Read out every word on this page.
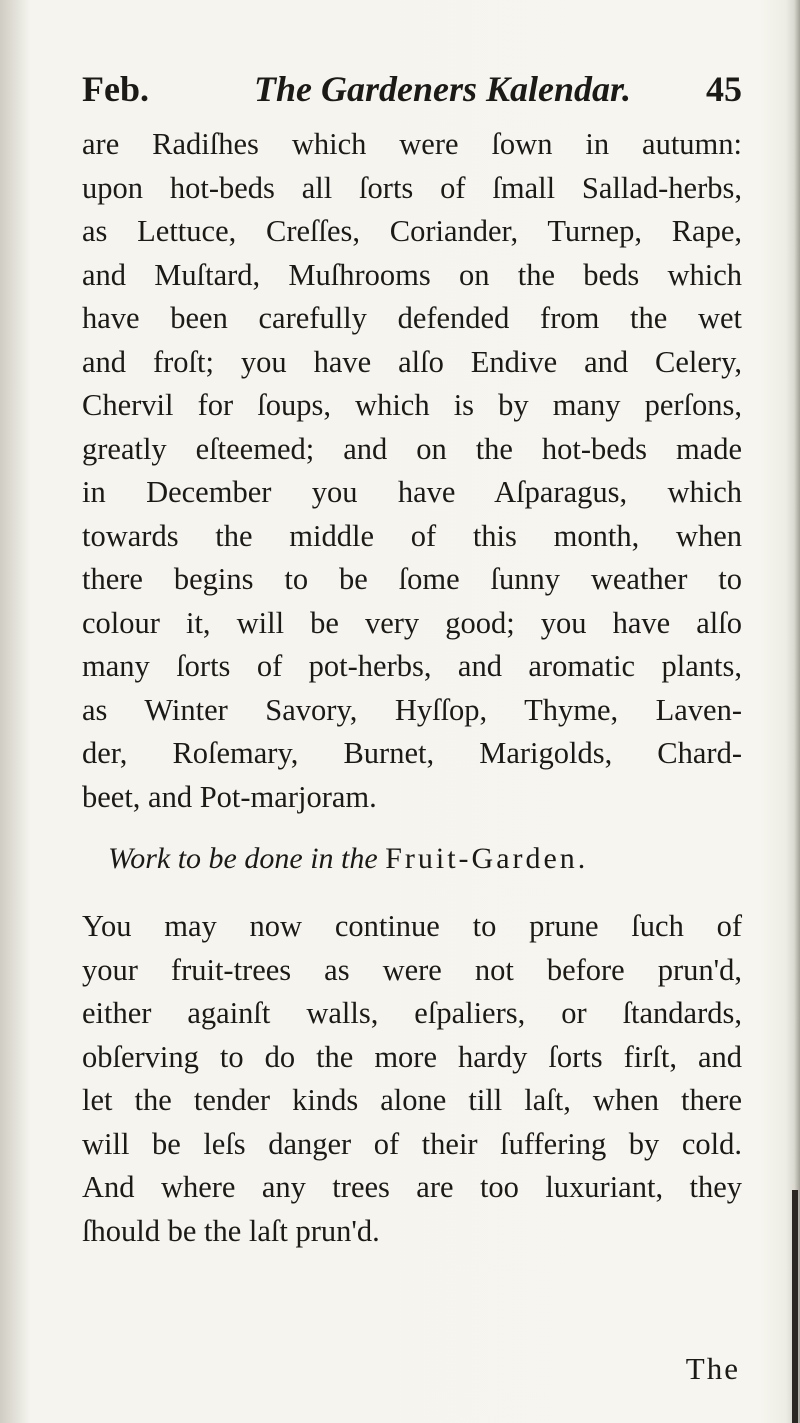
Feb.	The Gardeners Kalendar. 45
are Radiſhes which were ſown in autumn:
upon hot-beds all ſorts of ſmall Sallad-herbs,
as Lettuce, Creſſes, Coriander, Turnep, Rape,
and Muſtard, Muſhrooms on the beds which
have been carefully defended from the wet
and froſt; you have alſo Endive and Celery,
Chervil for ſoups, which is by many perſons,
greatly eſteemed; and on the hot-beds made
in December you have Aſparagus, which
towards the middle of this month, when
there begins to be ſome ſunny weather to
colour it, will be very good; you have alſo
many ſorts of pot-herbs, and aromatic plants,
as Winter Savory, Hyſſop, Thyme, Laven-
der, Roſemary, Burnet, Marigolds, Chard-
beet, and Pot-marjoram.
Work to be done in the Fruit-Garden.
You may now continue to prune ſuch of
your fruit-trees as were not before prun'd,
either againſt walls, eſpaliers, or ſtandards,
obſerving to do the more hardy ſorts firſt, and
let the tender kinds alone till laſt, when there
will be leſs danger of their ſuffering by cold.
And where any trees are too luxuriant, they
ſhould be the laſt prun'd.
The
